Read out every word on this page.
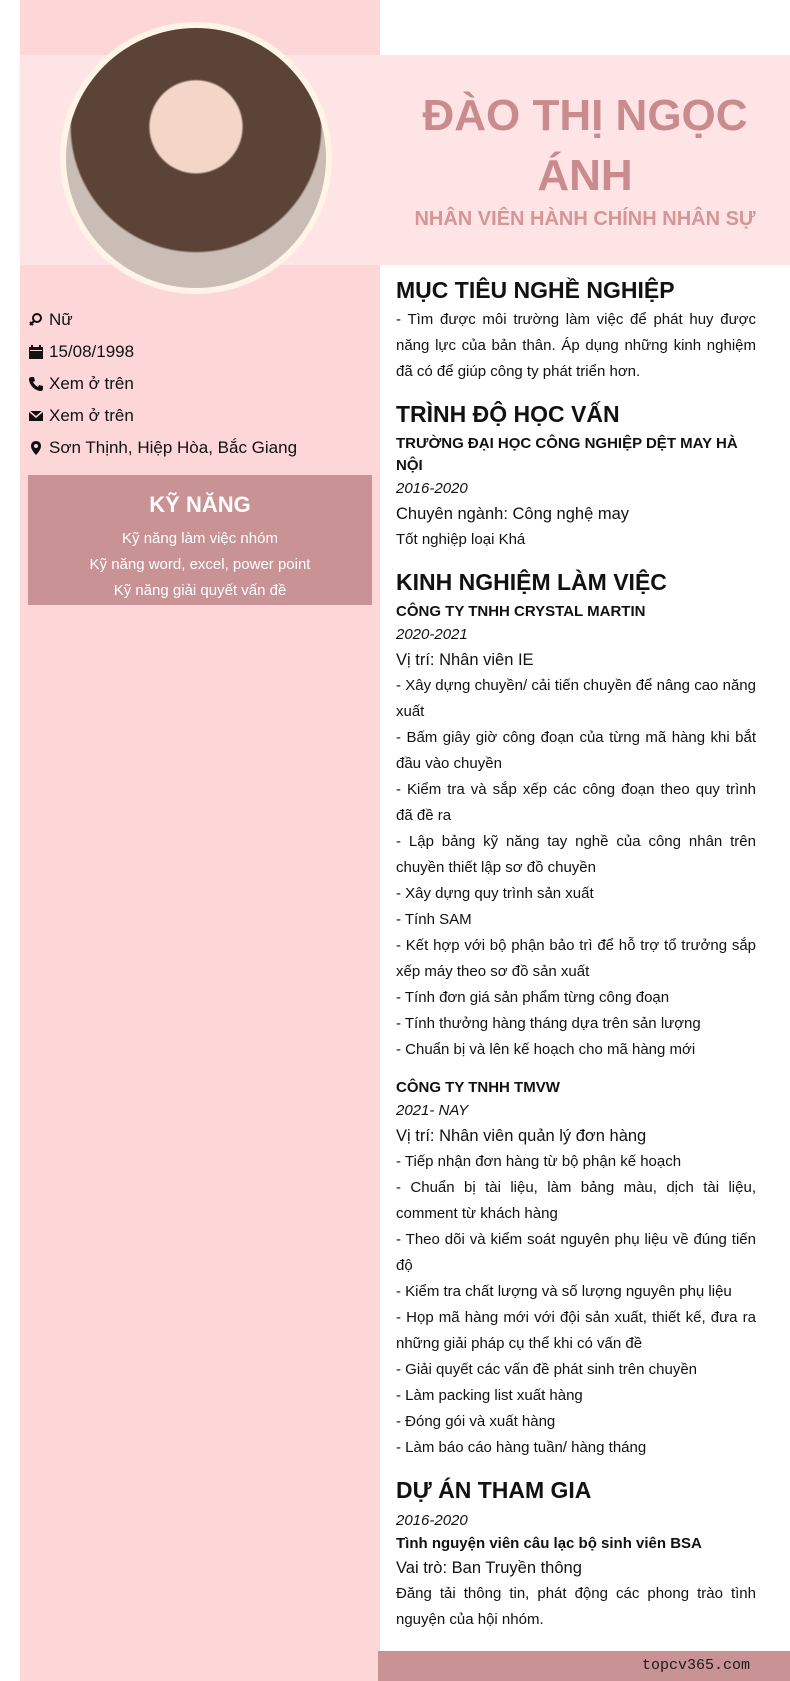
ĐÀO THỊ NGỌC ÁNH
NHÂN VIÊN HÀNH CHÍNH NHÂN SỰ
Nữ
15/08/1998
Xem ở trên
Xem ở trên
Sơn Thịnh, Hiệp Hòa, Bắc Giang
KỸ NĂNG
Kỹ năng làm việc nhóm
Kỹ năng word, excel, power point
Kỹ năng giải quyết vấn đề
MỤC TIÊU NGHỀ NGHIỆP

- Tìm được môi trường làm việc để phát huy được năng lực của bản thân. Áp dụng những kinh nghiệm đã có để giúp công ty phát triển hơn.

TRÌNH ĐỘ HỌC VẤN
TRƯỜNG ĐẠI HỌC CÔNG NGHIỆP DỆT MAY HÀ NỘI
2016-2020
Chuyên ngành: Công nghệ may
Tốt nghiệp loại Khá
KINH NGHIỆM LÀM VIỆC
CÔNG TY TNHH CRYSTAL MARTIN
2020-2021
Vị trí: Nhân viên IE

- Xây dựng chuyền/ cải tiến chuyền để nâng cao năng xuất

- Bấm giây giờ công đoạn của từng mã hàng khi bắt đầu vào chuyền

- Kiểm tra và sắp xếp các công đoạn theo quy trình đã đề ra

- Lập bảng kỹ năng tay nghề của công nhân trên chuyền thiết lập sơ đồ chuyền

- Xây dựng quy trình sản xuất

- Tính SAM

- Kết hợp với bộ phận bảo trì để hỗ trợ tổ trưởng sắp xếp máy theo sơ đồ sản xuất

- Tính đơn giá sản phẩm từng công đoạn

- Tính thưởng hàng tháng dựa trên sản lượng

- Chuẩn bị và lên kế hoạch cho mã hàng mới

CÔNG TY TNHH TMVW
2021- NAY
Vị trí: Nhân viên quản lý đơn hàng

- Tiếp nhận đơn hàng từ bộ phận kế hoạch

- Chuẩn bị tài liệu, làm bảng màu, dịch tài liệu, comment từ khách hàng

- Theo dõi và kiểm soát nguyên phụ liệu về đúng tiến độ

- Kiểm tra chất lượng và số lượng nguyên phụ liệu

- Họp mã hàng mới với đội sản xuất, thiết kế, đưa ra những giải pháp cụ thể khi có vấn đề

- Giải quyết các vấn đề phát sinh trên chuyền

- Làm packing list xuất hàng

- Đóng gói và xuất hàng

- Làm báo cáo hàng tuần/ hàng tháng

DỰ ÁN THAM GIA
2016-2020
Tình nguyện viên câu lạc bộ sinh viên BSA
Vai trò: Ban Truyền thông

Đăng tải thông tin, phát động các phong trào tình nguyện của hội nhóm.

topcv365.com
